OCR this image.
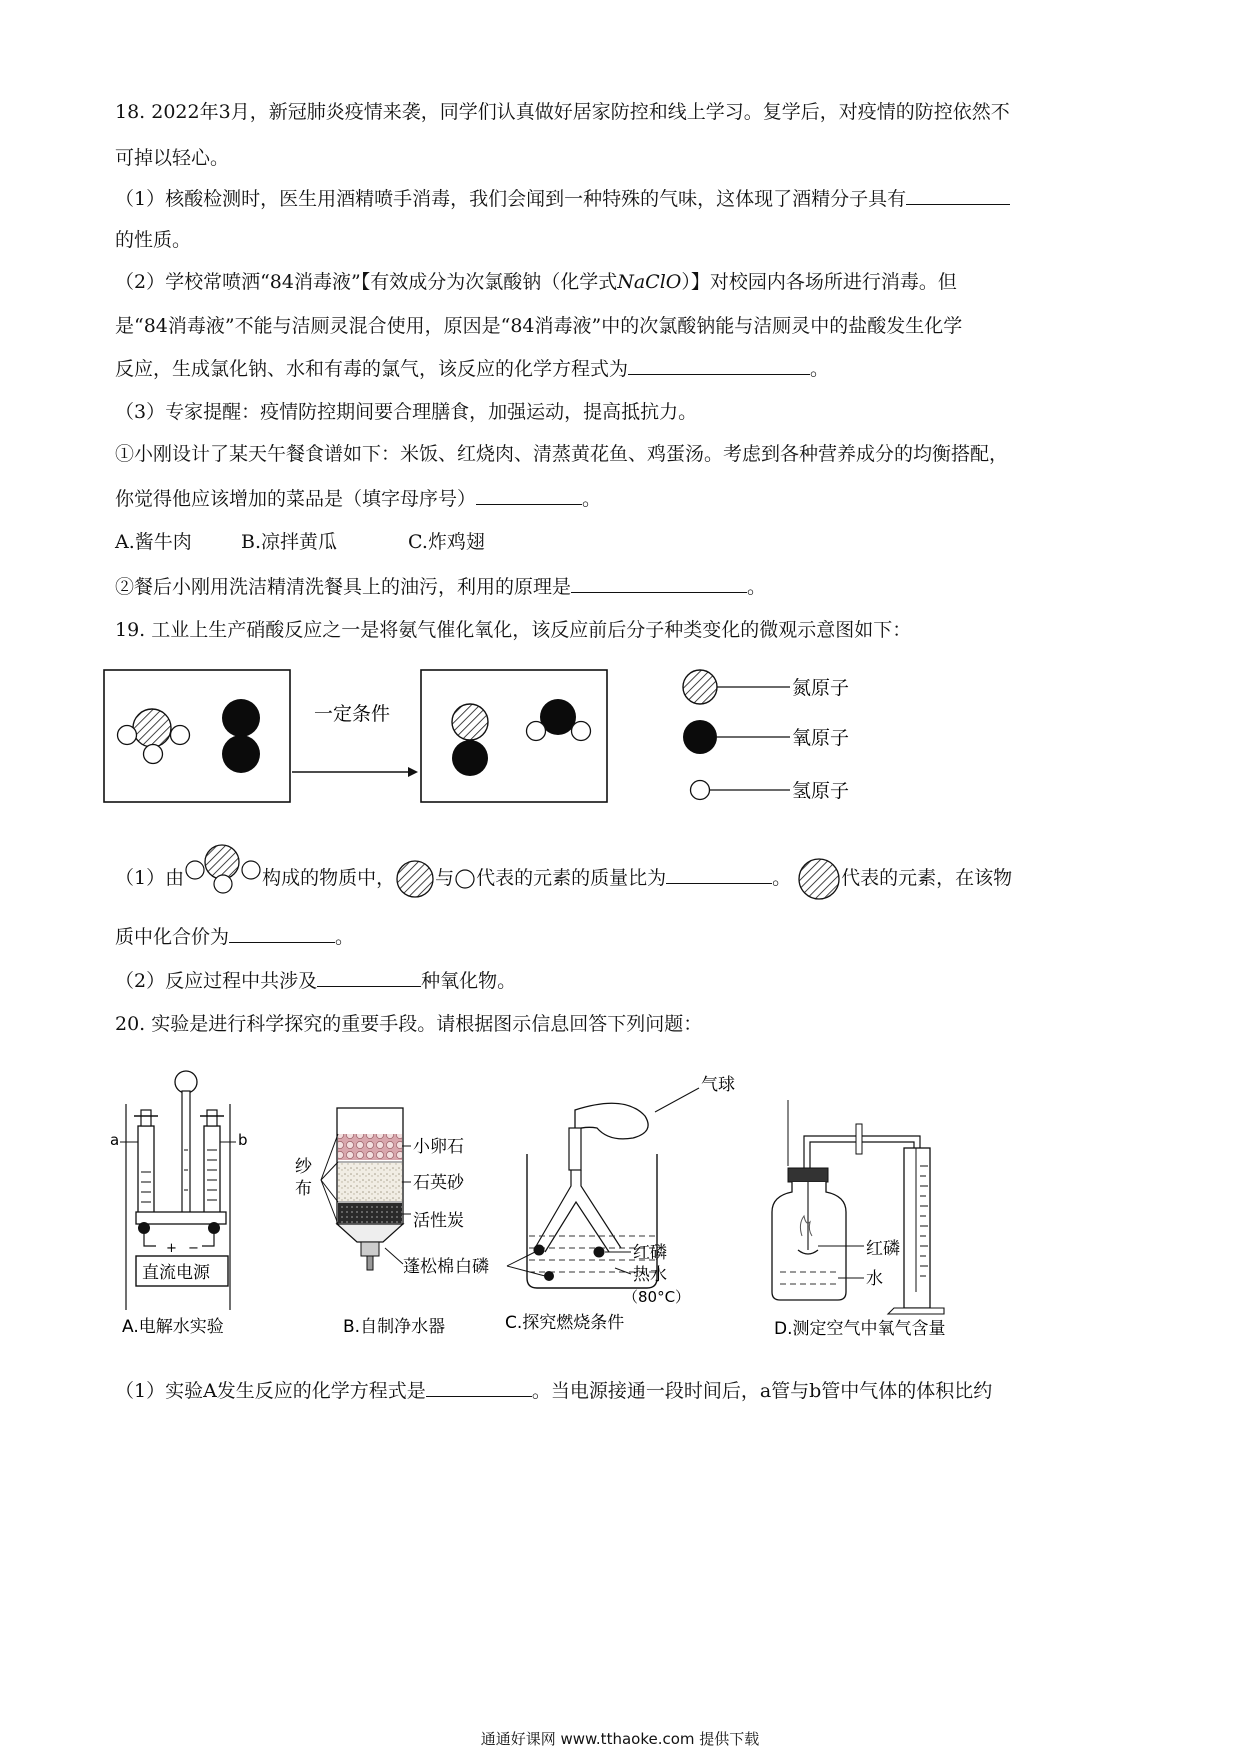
18. 2022年3月，新冠肺炎疫情来袭，同学们认真做好居家防控和线上学习。复学后，对疫情的防控依然不
可掉以轻心。
（1）核酸检测时，医生用酒精喷手消毒，我们会闻到一种特殊的气味，这体现了酒精分子具有
的性质。
（2）学校常喷洒“84消毒液”【有效成分为次氯酸钠（化学式NaClO）】对校园内各场所进行消毒。但
是“84消毒液”不能与洁厕灵混合使用，原因是“84消毒液”中的次氯酸钠能与洁厕灵中的盐酸发生化学
反应，生成氯化钠、水和有毒的氯气，该反应的化学方程式为	。
（3）专家提醒：疫情防控期间要合理膳食，加强运动，提高抵抗力。
①小刚设计了某天午餐食谱如下：米饭、红烧肉、清蒸黄花鱼、鸡蛋汤。考虑到各种营养成分的均衡搭配，
你觉得他应该增加的菜品是（填字母序号）	。
A.酱牛肉	B.凉拌黄瓜	C.炸鸡翅
②餐后小刚用洗洁精清洗餐具上的油污，利用的原理是	。
19. 工业上生产硝酸反应之一是将氨气催化氧化，该反应前后分子种类变化的微观示意图如下：
一定条件
氮原子
氧原子
氢原子
（1）由	构成的物质中， 与 代表的元素的质量比为	。	代表的元素，在该物
质中化合价为	。
（2）反应过程中共涉及	种氧化物。
20. 实验是进行科学探究的重要手段。请根据图示信息回答下列问题：
a	b
+ −
直流电源
A.电解水实验
纱
布
小卵石
石英砂
活性炭
蓬松棉
B.自制净水器
气球
红磷
热水
（80°C）
白磷
C.探究燃烧条件
红磷
水
D.测定空气中氧气含量
（1）实验A发生反应的化学方程式是	。当电源接通一段时间后，a管与b管中气体的体积比约
通通好课网 www.tthaoke.com 提供下载
